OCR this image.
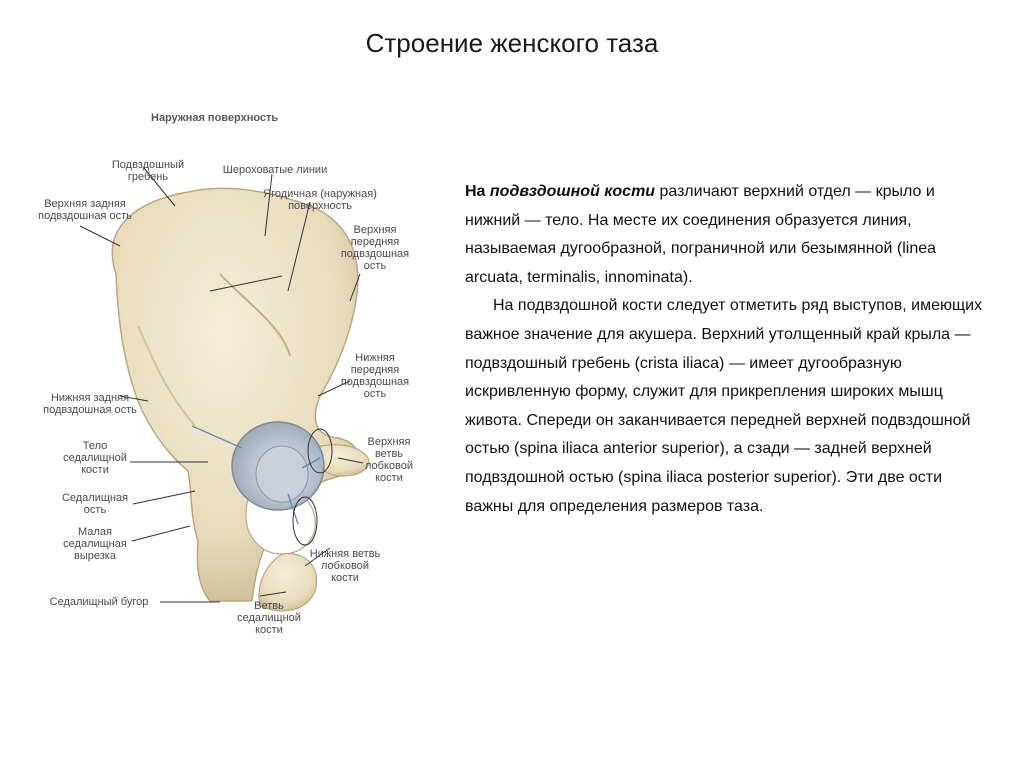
Строение женского таза
Наружная поверхность
Подвздошный
гребень
Шероховатые линии
Ягодичная (наружная)
поверхность
Верхняя задняя
подвздошная ость
Верхняя
передняя
подвздошная
ость
Нижняя
передняя
подвздошная
ость
Нижняя задняя
подвздошная ость
Тело
седалищной
кости
Верхняя
ветвь
лобковой
кости
Седалищная
ость
Малая
седалищная
вырезка	Нижняя ветвь
лобковой
кости
Седалищный бугор	Ветвь
седалищной
кости

На подвздошной кости различают верхний отдел — крыло и нижний — тело. На месте их соединения образуется линия, называемая дугообразной, пограничной или безымянной (linea arcuata, terminalis, innominata).

На подвздошной кости следует отметить ряд выступов, имеющих важное значение для акушера. Верхний утолщенный край крыла — подвздошный гребень (crista iliaca) — имеет дугообразную искривленную форму, служит для прикрепления широких мышц живота. Спереди он заканчивается передней верхней подвздошной остью (spina iliaca anterior superior), а сзади — задней верхней подвздошной остью (spina iliaca posterior superior). Эти две ости важны для определения размеров таза.
